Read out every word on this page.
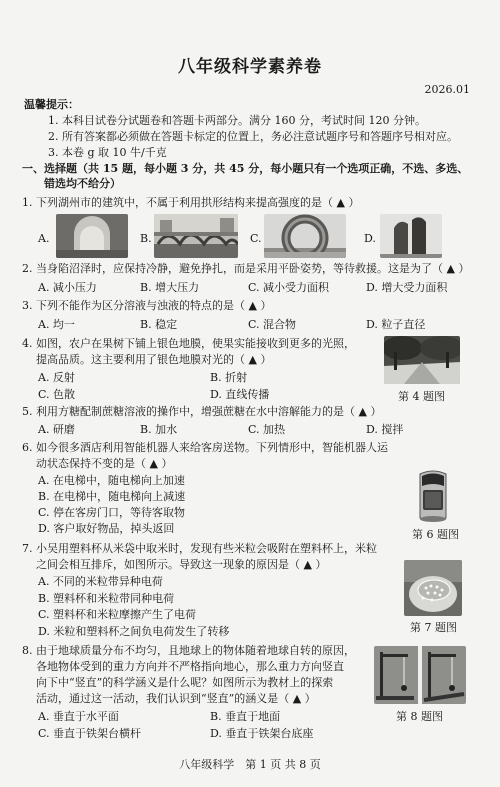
八年级科学素养卷
2026.01
温馨提示：
1. 本科目试卷分试题卷和答题卡两部分。满分 160 分，考试时间 120 分钟。
2. 所有答案都必须做在答题卡标定的位置上，务必注意试题序号和答题序号相对应。
3. 本卷 g 取 10 牛/千克
一、选择题（共 15 题，每小题 3 分，共 45 分，每小题只有一个选项正确，不选、多选、
错选均不给分）
1. 下列湖州市的建筑中，不属于利用拱形结构来提高强度的是（ ▲ ）
A.	B.	C.	D.
2. 当身陷沼泽时，应保持冷静，避免挣扎，而是采用平卧姿势，等待救援。这是为了（ ▲ ）
A. 减小压力	B. 增大压力	C. 减小受力面积	D. 增大受力面积
3. 下列不能作为区分溶液与浊液的特点的是（ ▲ ）
A. 均一	B. 稳定	C. 混合物	D. 粒子直径
4. 如图，农户在果树下铺上银色地膜，使果实能接收到更多的光照，
提高品质。这主要利用了银色地膜对光的（ ▲ ）
A. 反射	B. 折射
C. 色散	D. 直线传播	第 4 题图
5. 利用方糖配制蔗糖溶液的操作中，增强蔗糖在水中溶解能力的是（ ▲ ）
A. 研磨	B. 加水	C. 加热	D. 搅拌
6. 如今很多酒店利用智能机器人来给客房送物。下列情形中，智能机器人运
动状态保持不变的是（ ▲ ）
A. 在电梯中，随电梯向上加速
B. 在电梯中，随电梯向上减速
C. 停在客房门口，等待客取物
D. 客户取好物品，掉头返回	第 6 题图
7. 小吴用塑料杯从米袋中取米时，发现有些米粒会吸附在塑料杯上，米粒
之间会相互排斥，如图所示。导致这一现象的原因是（ ▲ ）
A. 不同的米粒带异种电荷
B. 塑料杯和米粒带同种电荷
C. 塑料杯和米粒摩擦产生了电荷
D. 米粒和塑料杯之间负电荷发生了转移	第 7 题图
8. 由于地球质量分布不均匀，且地球上的物体随着地球自转的原因，
各地物体受到的重力方向并不严格指向地心，那么重力方向竖直
向下中“竖直”的科学涵义是什么呢？如图所示为教材上的探索
活动，通过这一活动，我们认识到“竖直”的涵义是（ ▲ ）
A. 垂直于水平面	B. 垂直于地面
C. 垂直于铁架台横杆	D. 垂直于铁架台底座
第 8 题图
八年级科学　第 1 页 共 8 页
